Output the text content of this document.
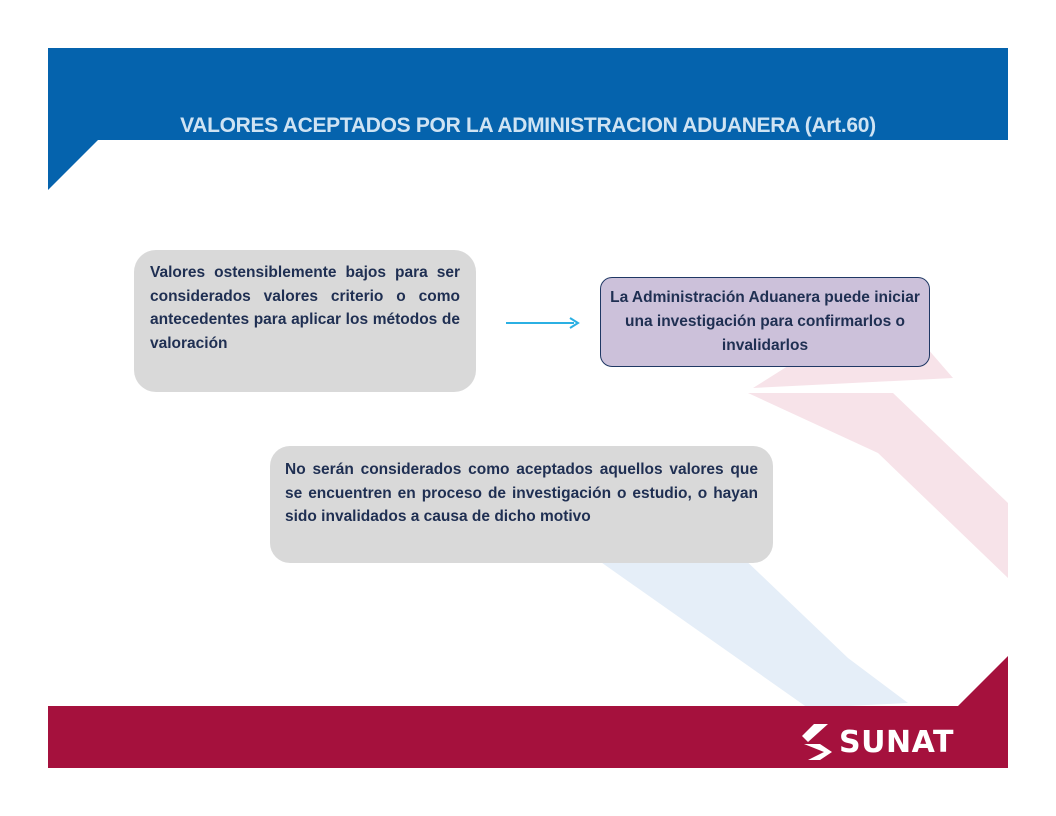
VALORES ACEPTADOS POR LA ADMINISTRACION ADUANERA (Art.60)
Valores ostensiblemente bajos para ser considerados valores criterio o como antecedentes para aplicar los métodos de valoración
La Administración Aduanera puede iniciar una investigación para confirmarlos o invalidarlos
No serán considerados como aceptados aquellos valores que se encuentren en proceso de investigación o estudio, o hayan sido invalidados a causa de dicho motivo
SUNAT
